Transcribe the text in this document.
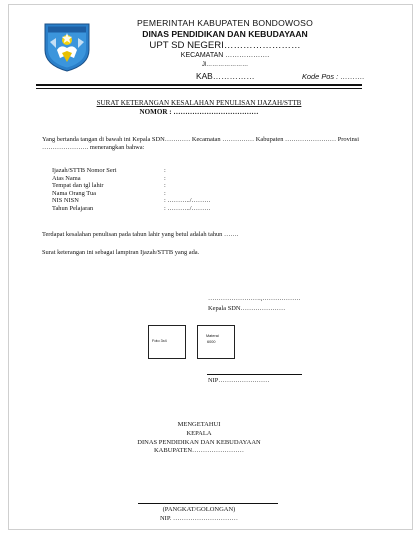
PEMERINTAH KABUPATEN BONDOWOSO
DINAS PENDIDIKAN DAN KEBUDAYAAN
UPT SD NEGERI……………………
KECAMATAN ……………….
Jl…………………
KAB……………	Kode Pos : ……….
SURAT KETERANGAN KESALAHAN PENULISAN IJAZAH/STTB
NOMOR : ………………………………
Yang bertanda tangan di bawah ini Kepala SDN………… Kecamatan …………… Kabupaten …………………… Provinsi …………………. menerangkan bahwa:
Ijazah/STTB Nomor Seri	:
Atas Nama	:
Tempat dan tgl lahir	:
Nama Orang Tua	:
NIS NISN	: ………../………
Tahun Pelajaran	: ………../………
Terdapat kesalahan penulisan pada tahun lahir yang betul adalah tahun …….
Surat keterangan ini sebagai lampiran Ijazah/STTB yang ada.
…………………….,………………
Kepala SDN…………………
Foto 3x4
Materai
6000
NIP……………………
MENGETAHUI
KEPALA
DINAS PENDIDIKAN DAN KEBUDAYAAN
KABUPATEN……………………
(PANGKAT/GOLONGAN)
NIP. …………………………
